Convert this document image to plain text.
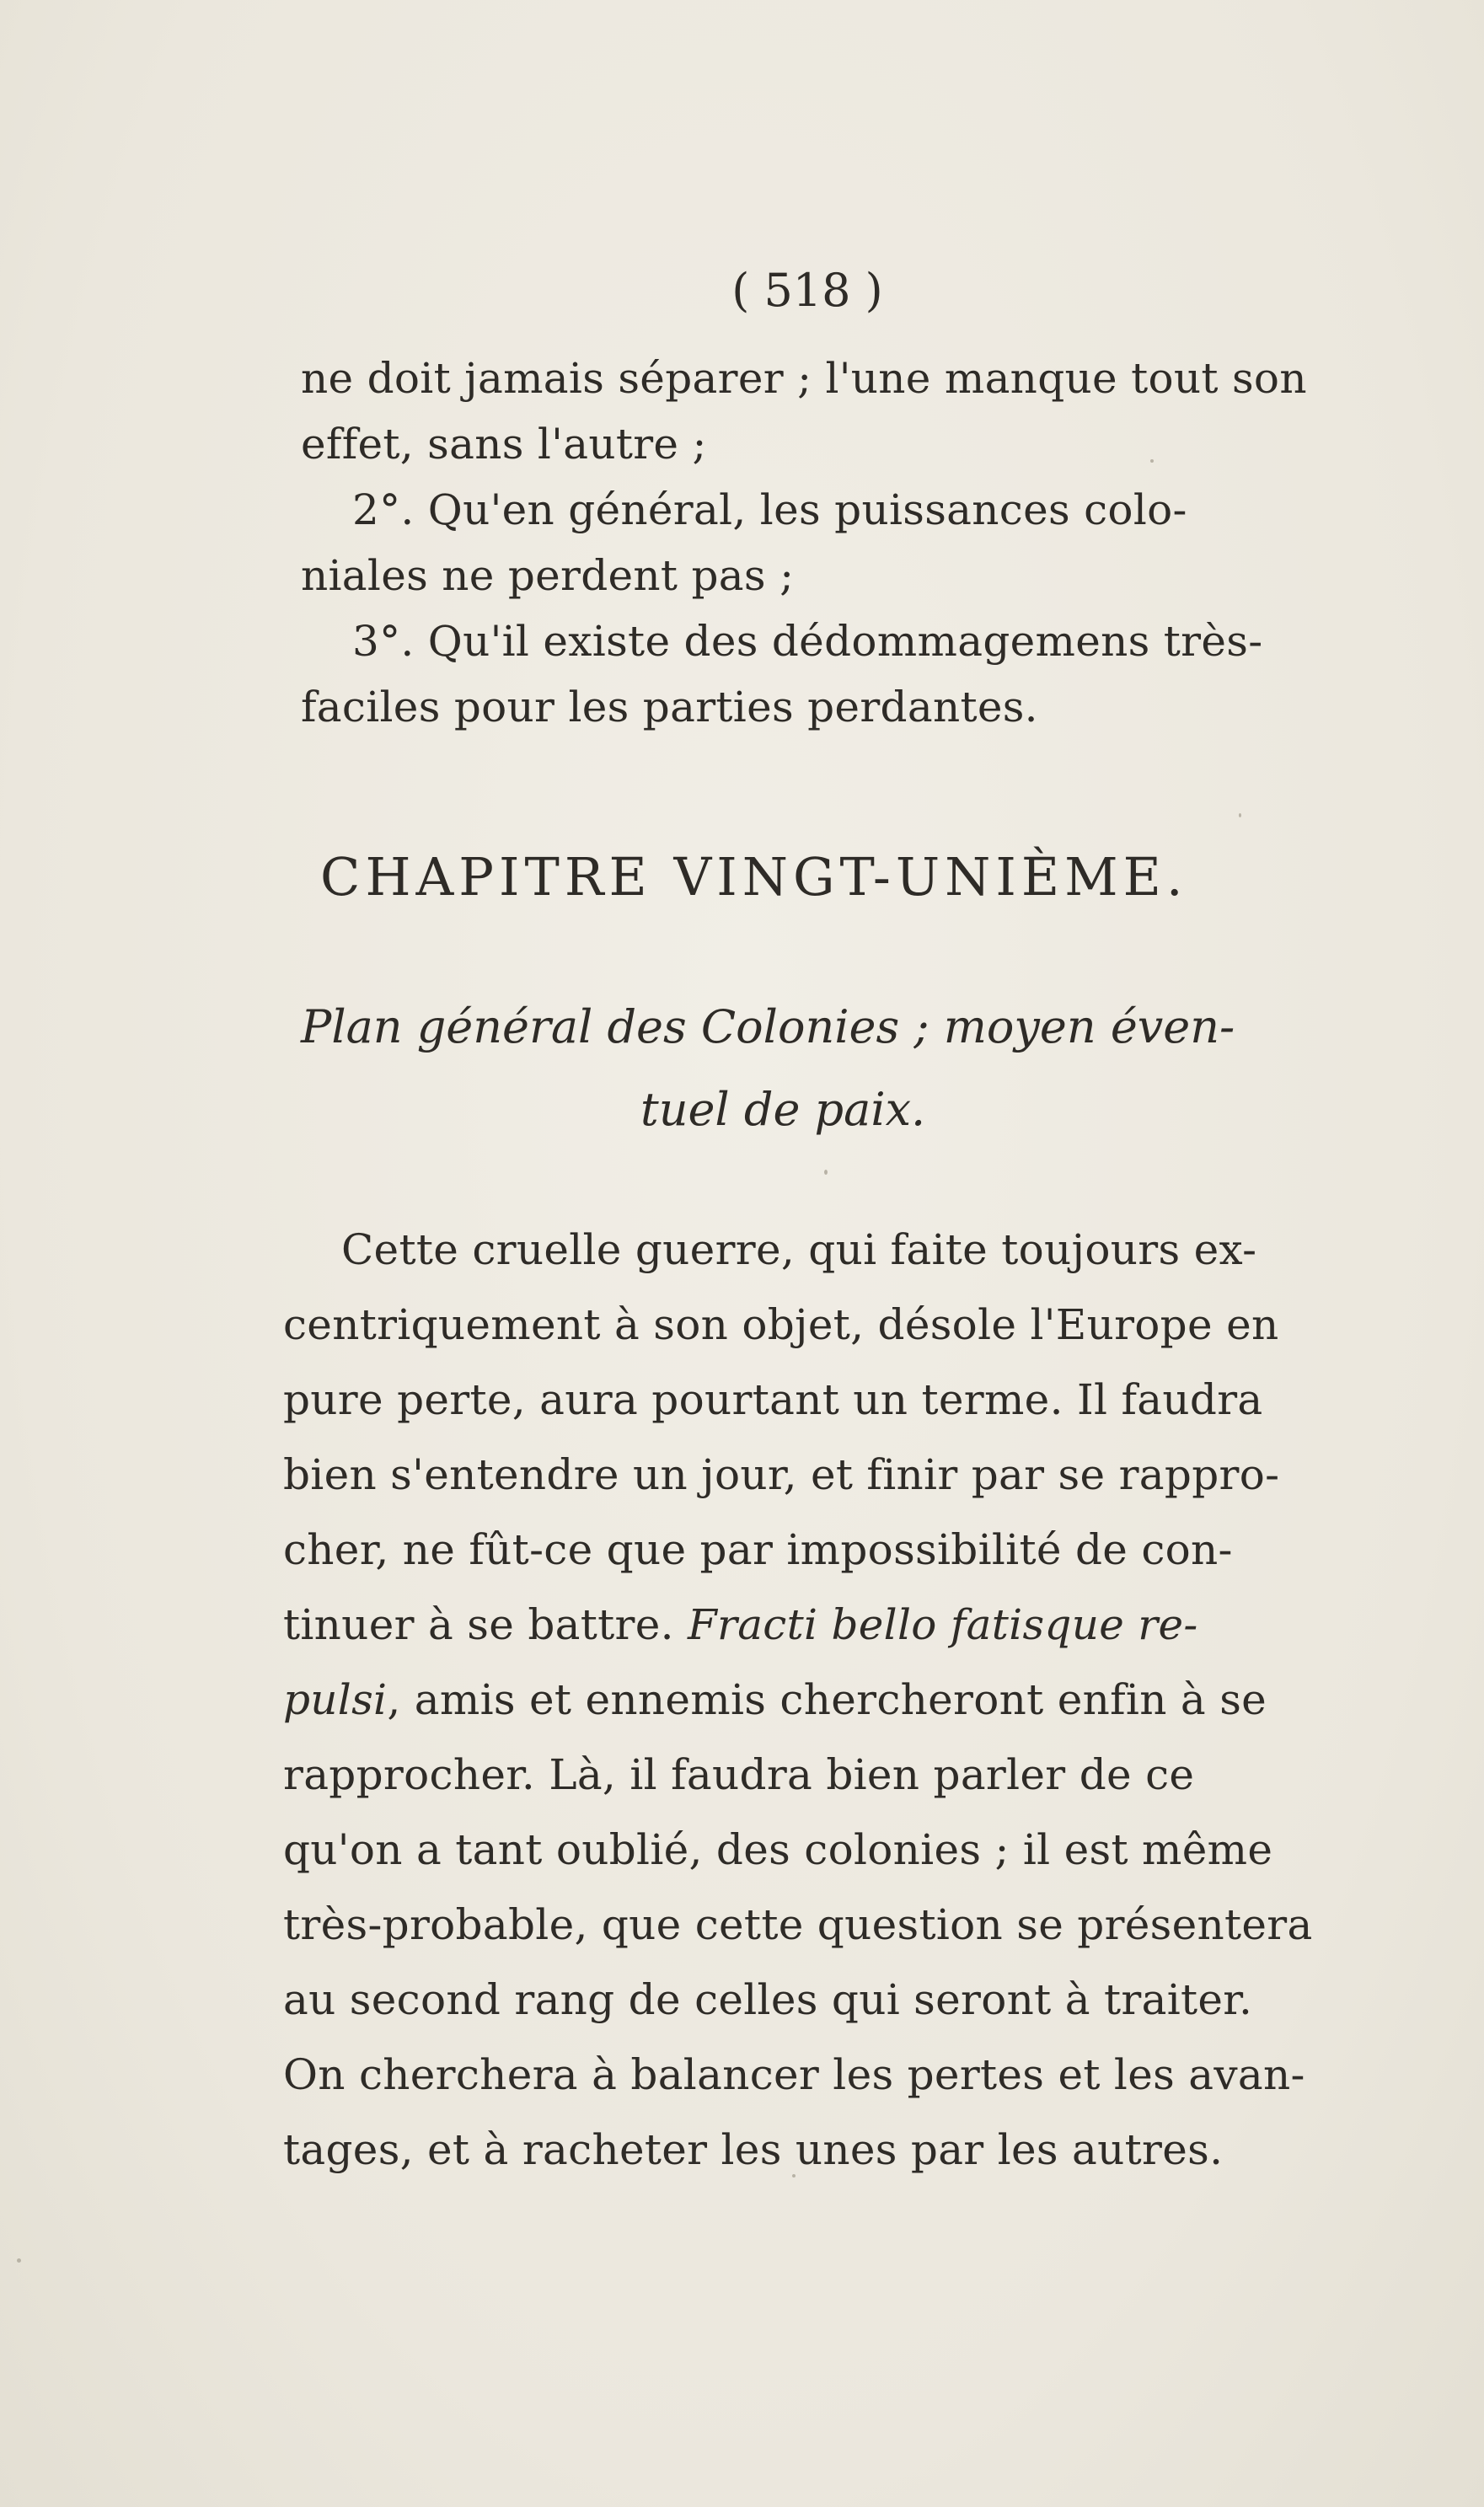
( 518 )
ne doit jamais séparer ; l'une manque tout son
effet, sans l'autre ;
2°. Qu'en général, les puissances colo-
niales ne perdent pas ;
3°. Qu'il existe des dédommagemens très-
faciles pour les parties perdantes.
CHAPITRE VINGT-UNIÈME.
Plan général des Colonies ; moyen éven-
tuel de paix.
Cette cruelle guerre, qui faite toujours ex-
centriquement à son objet, désole l'Europe en
pure perte, aura pourtant un terme. Il faudra
bien s'entendre un jour, et finir par se rappro-
cher, ne fût-ce que par impossibilité de con-
tinuer à se battre. Fracti bello fatisque re-
pulsi, amis et ennemis chercheront enfin à se
rapprocher. Là, il faudra bien parler de ce
qu'on a tant oublié, des colonies ; il est même
très-probable, que cette question se présentera
au second rang de celles qui seront à traiter.
On cherchera à balancer les pertes et les avan-
tages, et à racheter les unes par les autres.
